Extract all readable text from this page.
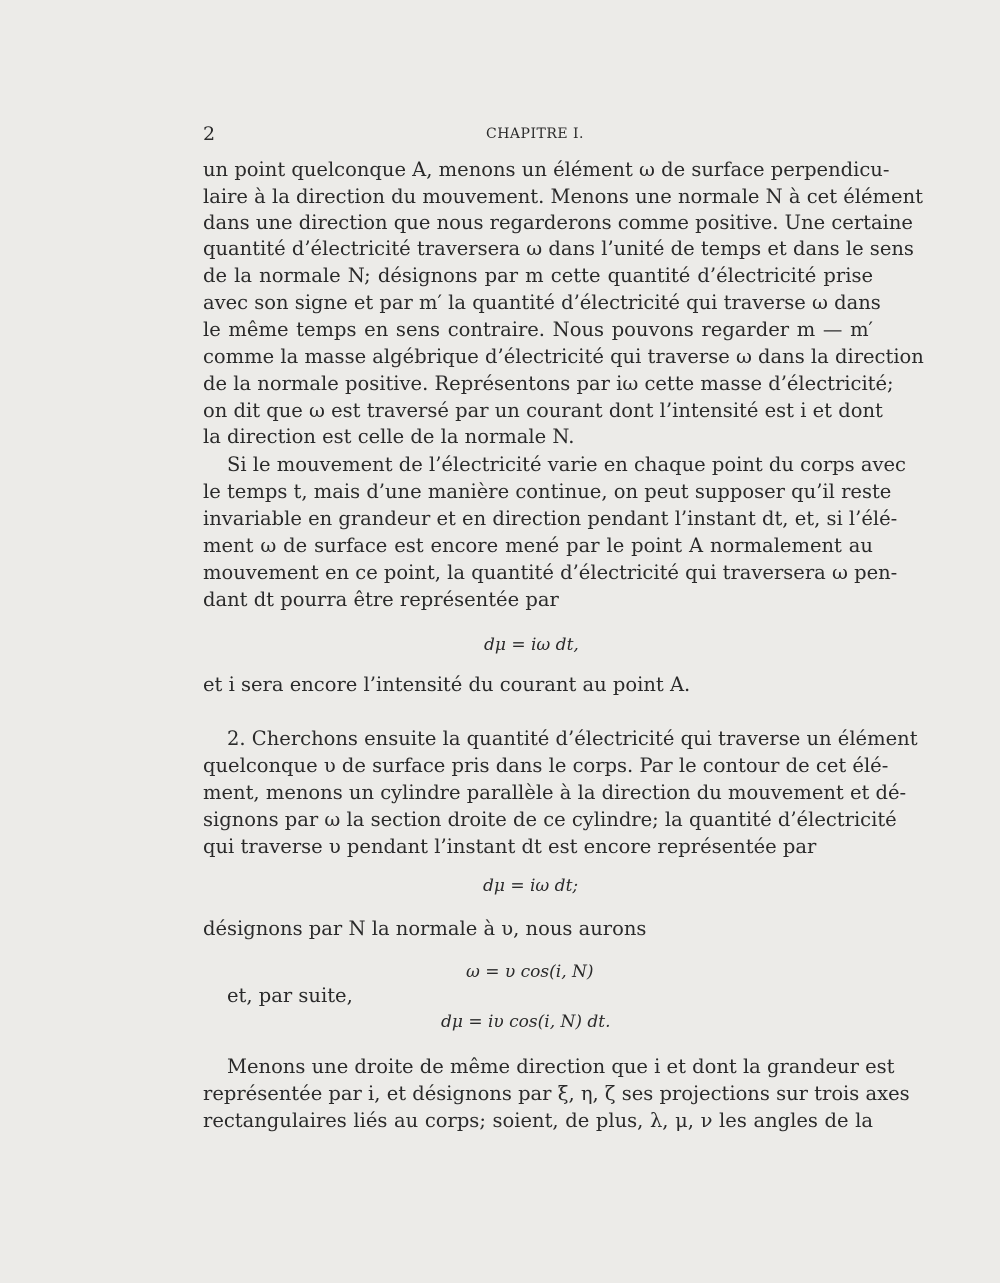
2	CHAPITRE I.
un point quelconque A, menons un élément ω de surface perpendicu-
laire à la direction du mouvement. Menons une normale N à cet élément
dans une direction que nous regarderons comme positive. Une certaine
quantité d’électricité traversera ω dans l’unité de temps et dans le sens
de la normale N; désignons par m cette quantité d’électricité prise
avec son signe et par m′ la quantité d’électricité qui traverse ω dans
le même temps en sens contraire. Nous pouvons regarder m — m′
comme la masse algébrique d’électricité qui traverse ω dans la direction
de la normale positive. Représentons par iω cette masse d’électricité;
on dit que ω est traversé par un courant dont l’intensité est i et dont
la direction est celle de la normale N.
Si le mouvement de l’électricité varie en chaque point du corps avec
le temps t, mais d’une manière continue, on peut supposer qu’il reste
invariable en grandeur et en direction pendant l’instant dt, et, si l’élé-
ment ω de surface est encore mené par le point A normalement au
mouvement en ce point, la quantité d’électricité qui traversera ω pen-
dant dt pourra être représentée par
dμ = iω dt,
et i sera encore l’intensité du courant au point A.
2. Cherchons ensuite la quantité d’électricité qui traverse un élément
quelconque υ de surface pris dans le corps. Par le contour de cet élé-
ment, menons un cylindre parallèle à la direction du mouvement et dé-
signons par ω la section droite de ce cylindre; la quantité d’électricité
qui traverse υ pendant l’instant dt est encore représentée par
dμ = iω dt;
désignons par N la normale à υ, nous aurons
ω = υ cos(i, N)
et, par suite,
dμ = iυ cos(i, N) dt.
Menons une droite de même direction que i et dont la grandeur est
représentée par i, et désignons par ξ, η, ζ ses projections sur trois axes
rectangulaires liés au corps; soient, de plus, λ, μ, ν les angles de la
